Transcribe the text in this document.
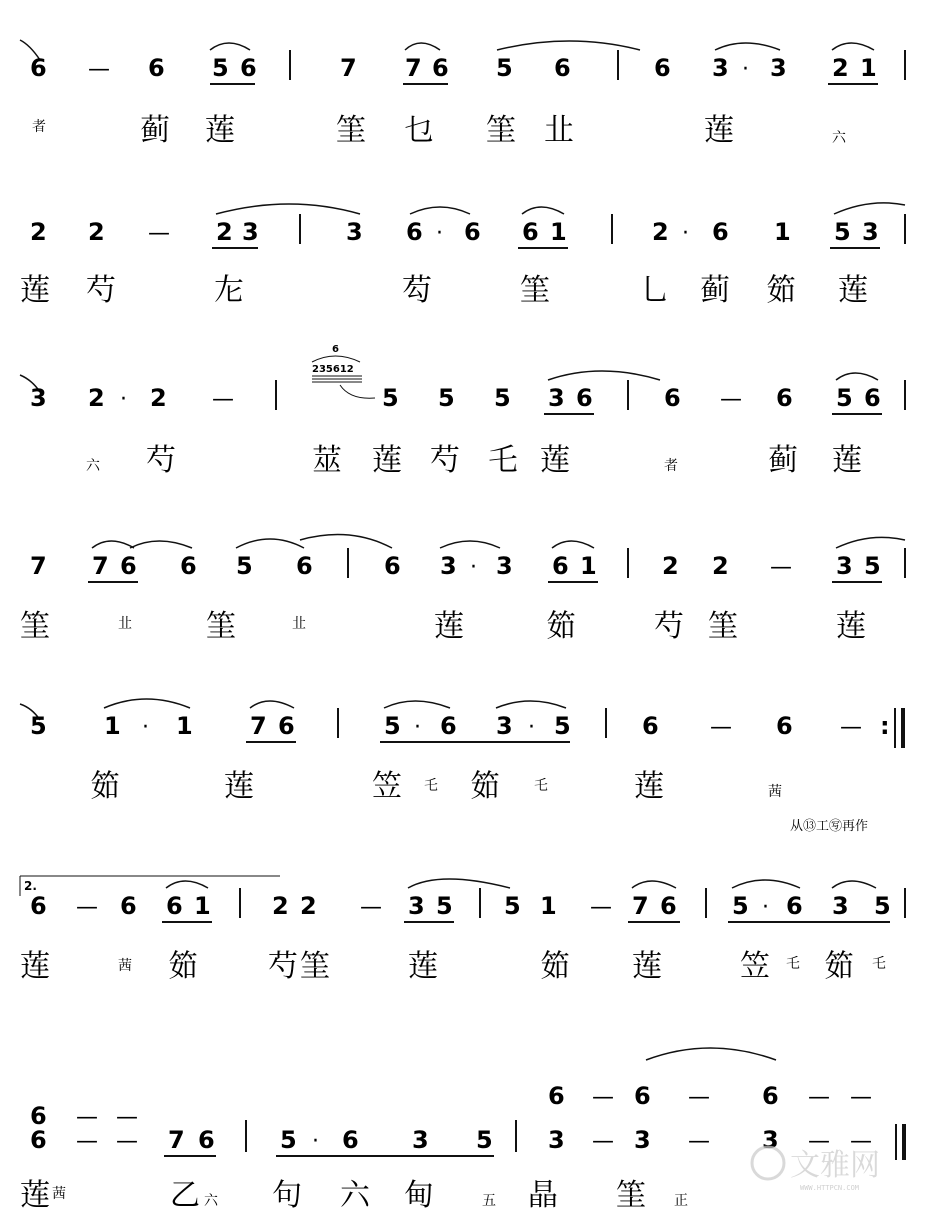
6 — 6 5 6	7 7 6 5 6	6 3 · 3 2 1
者	蓟 莲	筀 乜 筀 㐀	莲	六
2 2 — 2 3	3 6 · 6 6 1	2 · 6 1 5 3
莲 芍	㔫	芶	筀	乚 蓟 筎 莲
3 2 · 2 —
6
235612
5 5 5 3 6	6 — 6 5 6
六 芍	莁 莲 芍 乇 莲	者	蓟 莲
7 7 6 6 5 6	6 3 · 3 6 1	2 2 — 3 5
筀	㐀 筀	㐀	莲	筎	芍 筀	莲
5 1 · 1 7 6	5 · 6 3 · 5	6 — 6 — :
筎	莲	笠 乇 筎 乇	莲	茜
从⑬工㊢再作
2.
6 — 6 6 1	2 2 — 3 5 5 1 — 7 6 5 · 6 3 5
莲	茜 筎 芍 筀	莲	筎 莲	笠 乇 筎 乇
6 — —
6 — 6 — 6 — —
6 — — 7 6	5 · 6 3 5 3 — 3 — 3 — —
莲 茜	乙 六 句 六 甸	五 晶 筀 正
文雅网
WWW.HTTPCN.COM
